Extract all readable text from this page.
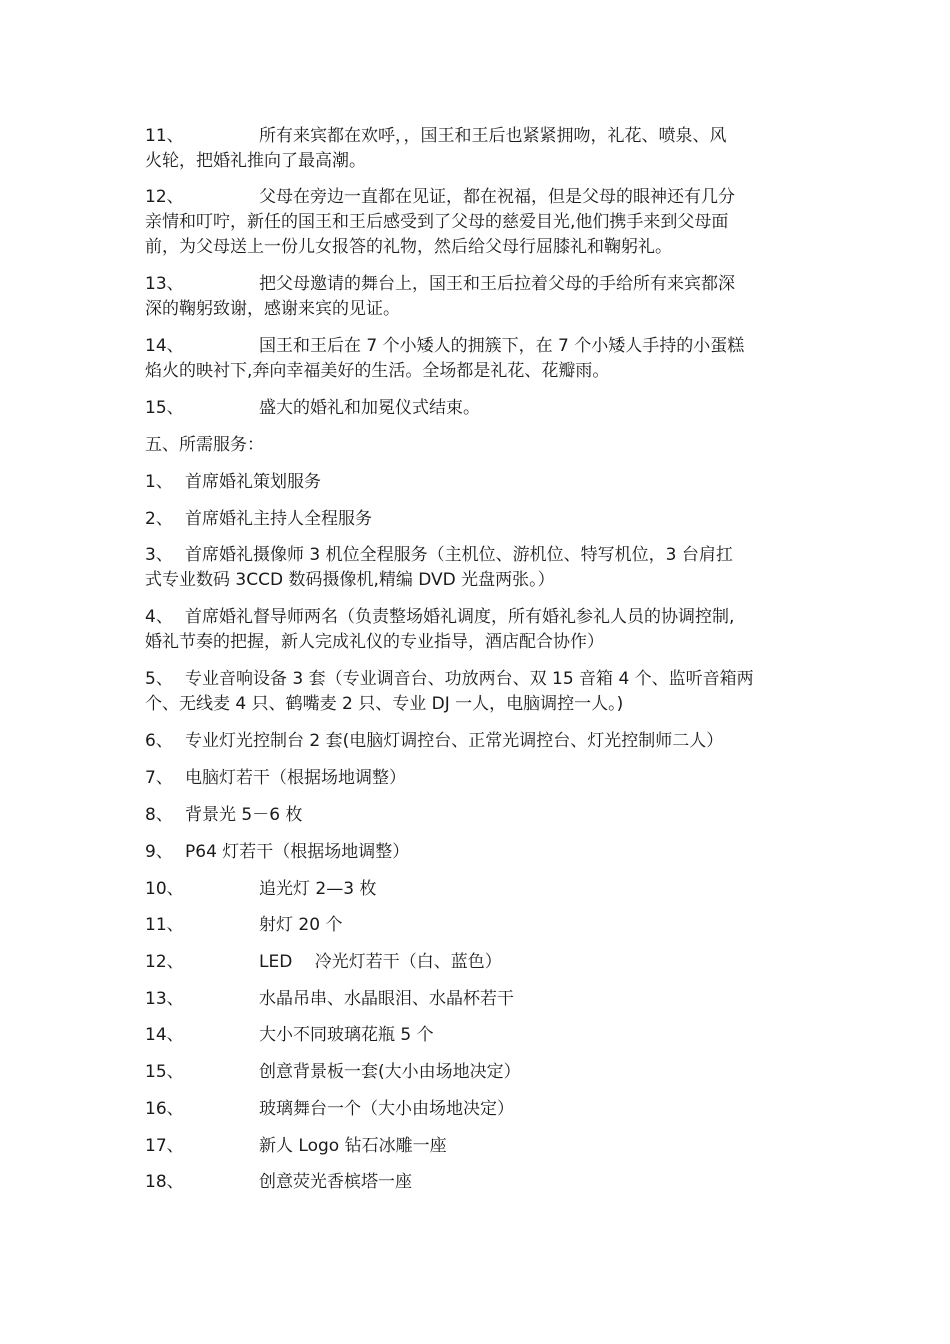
11、	所有来宾都在欢呼，，国王和王后也紧紧拥吻，礼花、喷泉、风
火轮，把婚礼推向了最高潮。
12、	父母在旁边一直都在见证，都在祝福，但是父母的眼神还有几分
亲情和叮咛，新任的国王和王后感受到了父母的慈爱目光,他们携手来到父母面
前，为父母送上一份儿女报答的礼物，然后给父母行屈膝礼和鞠躬礼。
13、	把父母邀请的舞台上，国王和王后拉着父母的手给所有来宾都深
深的鞠躬致谢，感谢来宾的见证。
14、	国王和王后在 7 个小矮人的拥簇下，在 7 个小矮人手持的小蛋糕
焰火的映衬下,奔向幸福美好的生活。全场都是礼花、花瓣雨。
15、	盛大的婚礼和加冕仪式结束。
五、所需服务：
1、 首席婚礼策划服务
2、 首席婚礼主持人全程服务
3、 首席婚礼摄像师 3 机位全程服务（主机位、游机位、特写机位，3 台肩扛
式专业数码 3CCD 数码摄像机,精编 DVD 光盘两张。）
4、 首席婚礼督导师两名（负责整场婚礼调度，所有婚礼参礼人员的协调控制,
婚礼节奏的把握，新人完成礼仪的专业指导，酒店配合协作）
5、 专业音响设备 3 套（专业调音台、功放两台、双 15 音箱 4 个、监听音箱两
个、无线麦 4 只、鹤嘴麦 2 只、专业 DJ 一人，电脑调控一人。)
6、 专业灯光控制台 2 套(电脑灯调控台、正常光调控台、灯光控制师二人）
7、 电脑灯若干（根据场地调整）
8、 背景光 5－6 枚
9、 P64 灯若干（根据场地调整）
10、	追光灯 2—3 枚
11、	射灯 20 个
12、	LED　 冷光灯若干（白、蓝色）
13、	水晶吊串、水晶眼泪、水晶杯若干
14、	大小不同玻璃花瓶 5 个
15、	创意背景板一套(大小由场地决定）
16、	玻璃舞台一个（大小由场地决定）
17、	新人 Logo 钻石冰雕一座
18、	创意荧光香槟塔一座
